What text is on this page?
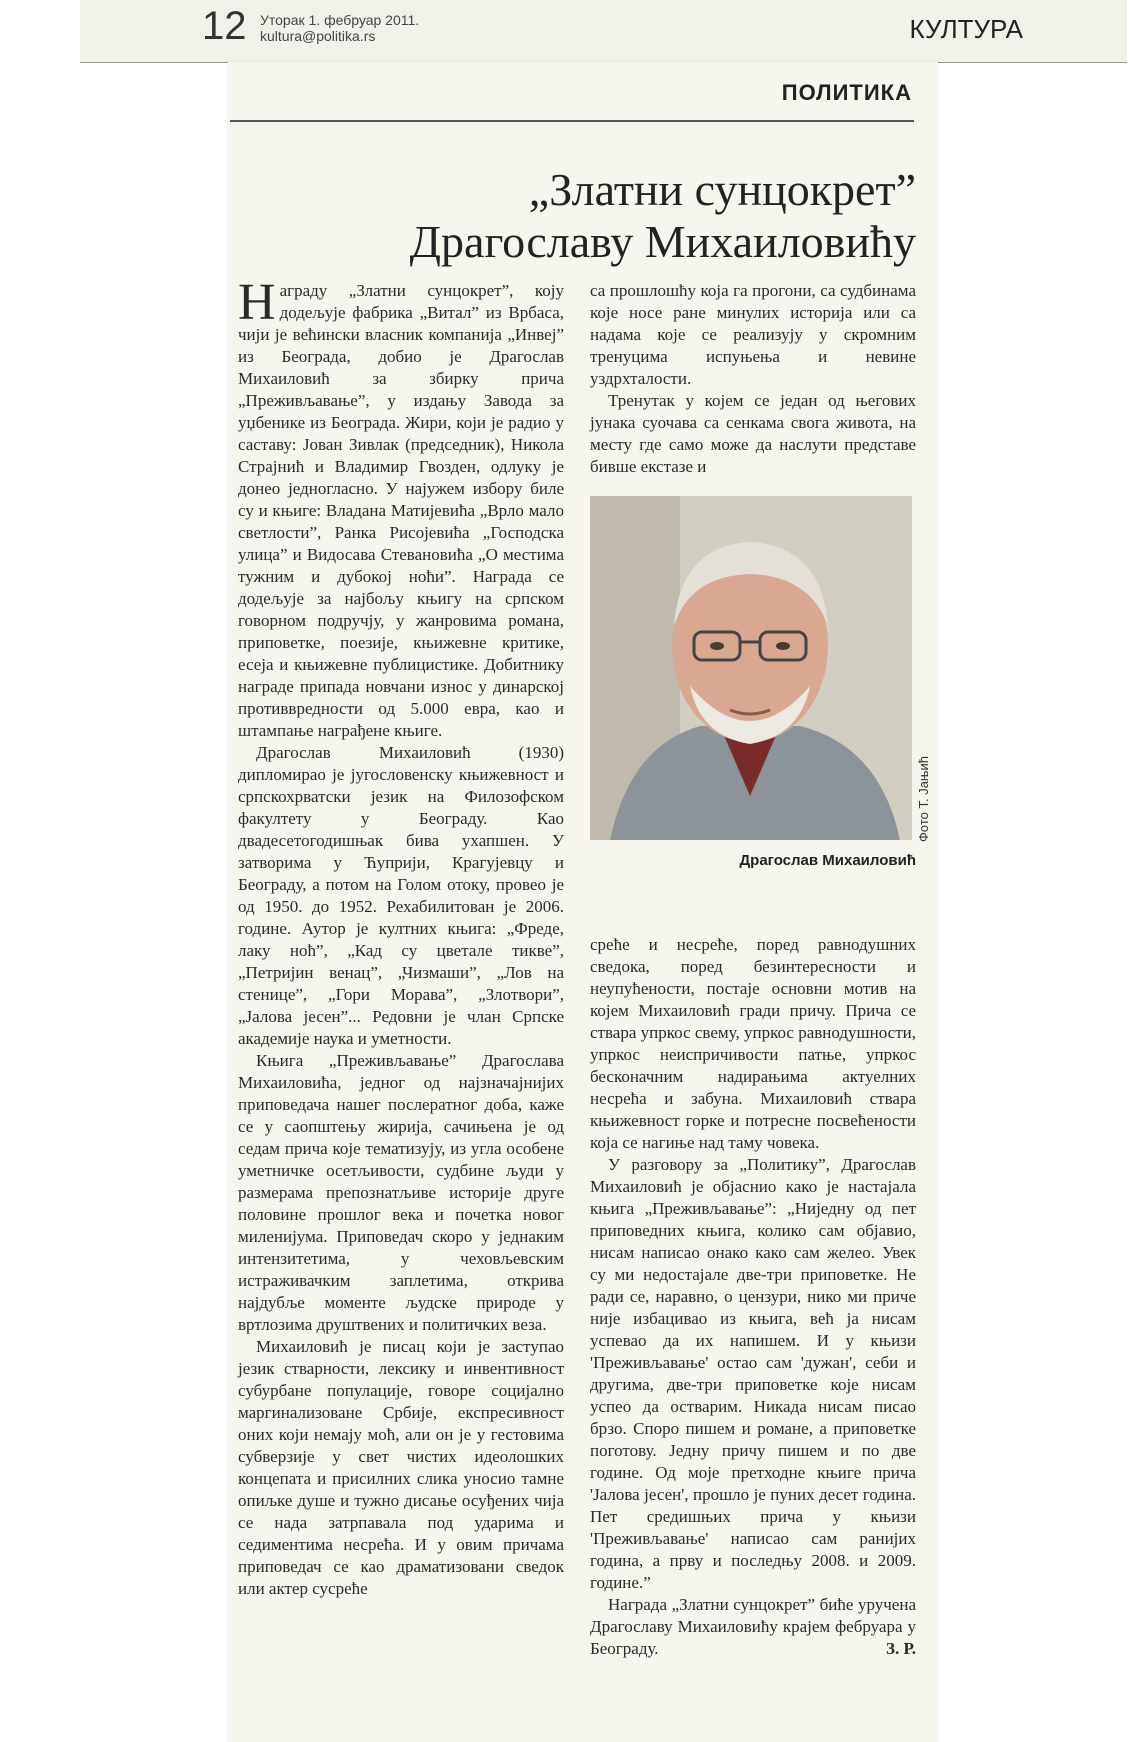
12 Уторак 1. фебруар 2011.
kultura@politika.rs	КУЛТУРА
ПОЛИТИКА
„Златни сунцокрет”
Драгославу Михаиловићу

Награду „Златни сунцокрет”, коју додељује фабрика „Витал” из Врбаса, чији је већински власник компанија „Инвеј” из Београда, добио је Драгослав Михаиловић за збирку прича „Преживљавање”, у издању Завода за уџбенике из Београда. Жири, који је радио у саставу: Јован Зивлак (председник), Никола Страјнић и Владимир Гвозден, одлуку је донео једногласно. У најужем избору биле су и књиге: Владана Матијевића „Врло мало светлости”, Ранка Рисојевића „Господска улица” и Видосава Стевановића „О местима тужним и дубокој ноћи”. Награда се додељује за најбољу књигу на српском говорном подручју, у жанровима романа, приповетке, поезије, књижевне критике, есеја и књижевне публицистике. Добитнику награде припада новчани износ у динарској противвредности од 5.000 евра, као и штампање награђене књиге.

Драгослав Михаиловић (1930) дипломирао је југословенску књижевност и српскохрватски језик на Филозофском факултету у Београду. Као двадесетогодишњак бива ухапшен. У затворима у Ћуприји, Крагујевцу и Београду, а потом на Голом отоку, провео је од 1950. до 1952. Рехабилитован је 2006. године. Аутор је култних књига: „Фреде, лаку ноћ”, „Кад су цветале тикве”, „Петријин венац”, „Чизмаши”, „Лов на стенице”, „Гори Морава”, „Злотвори”, „Јалова јесен”... Редовни је члан Српске академије наука и уметности.

Књига „Преживљавање” Драгослава Михаиловића, једног од најзначајнијих приповедача нашег послератног доба, каже се у саопштењу жирија, сачињена је од седам прича које тематизују, из угла особене уметничке осетљивости, судбине људи у размерама препознатљиве историје друге половине прошлог века и почетка новог миленијума. Приповедач скоро у једнаким интензитетима, у чеховљевским истраживачким заплетима, открива најдубље моменте људске природе у вртлозима друштвених и политичких веза.

Михаиловић је писац који је заступао језик стварности, лексику и инвентивност субурбане популације, говоре социјално маргинализоване Србије, експресивност оних који немају моћ, али он је у гестовима субверзије у свет чистих идеолошких концепата и присилних слика уносио тамне опиљке душе и тужно дисање осуђених чија се нада затрпавала под ударима и седиментима несрећа. И у овим причама приповедач се као драматизовани сведок или актер сусреће

са прошлошћу која га прогони, са судбинама које носе ране минулих историја или са надама које се реализују у скромним тренуцима испуњења и невине уздрхталости.

Тренутак у којем се један од његових јунака суочава са сенкама свога живота, на месту где само може да наслути представе бивше екстазе и

Фото Т. Јањић
Драгослав Михаиловић

среће и несреће, поред равнодушних сведока, поред безинтересности и неупућености, постаје основни мотив на којем Михаиловић гради причу. Прича се ствара упркос свему, упркос равнодушности, упркос неиспричивости патње, упркос бесконачним надирањима актуелних несрећа и забуна. Михаиловић ствара књижевност горке и потресне посвећености која се нагиње над таму човека.

У разговору за „Политику”, Драгослав Михаиловић је објаснио како је настајала књига „Преживљавање”: „Ниједну од пет приповедних књига, колико сам објавио, нисам написао онако како сам желео. Увек су ми недостајале две-три приповетке. Не ради се, наравно, о цензури, нико ми приче није избацивао из књига, већ ја нисам успевао да их напишем. И у књизи 'Преживљавање' остао сам 'дужан', себи и другима, две-три приповетке које нисам успео да остварим. Никада нисам писао брзо. Споро пишем и романе, а приповетке поготову. Једну причу пишем и по две године. Од моје претходне књиге прича 'Јалова јесен', прошло је пуних десет година. Пет средишњих прича у књизи 'Преживљавање' написао сам ранијих година, а прву и последњу 2008. и 2009. године.”

Награда „Златни сунцокрет” биће уручена Драгославу Михаиловићу крајем фебруара у Београду.	З. Р.
